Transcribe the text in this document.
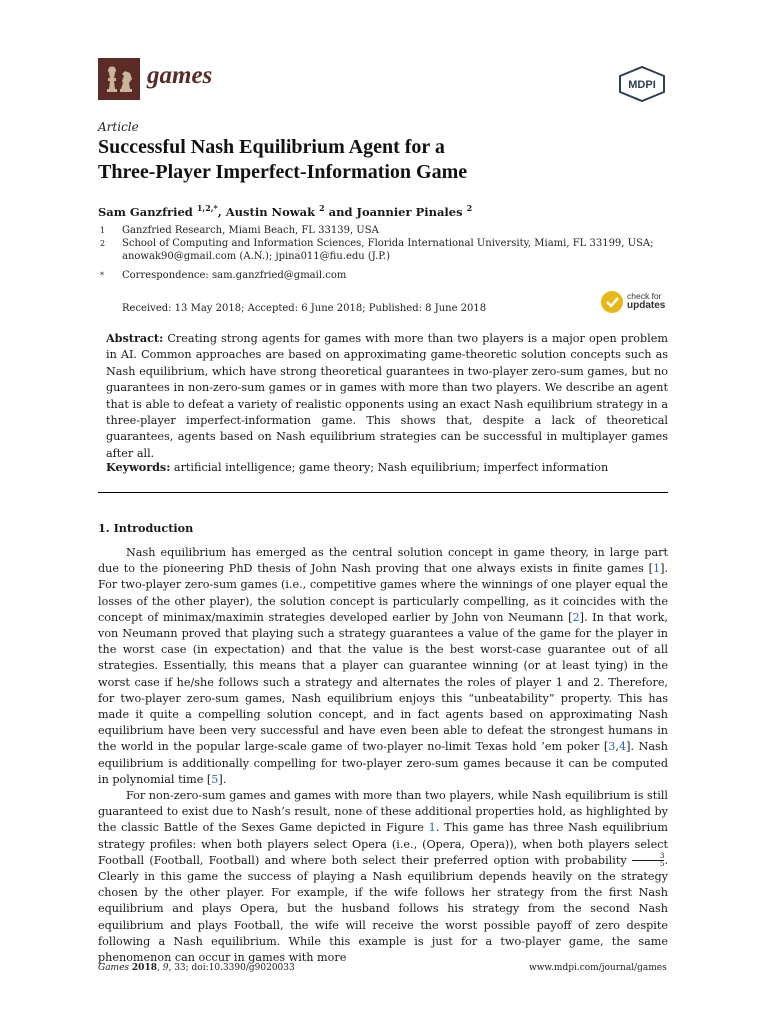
games	MDPI
Article
Successful Nash Equilibrium Agent for a
Three-Player Imperfect-Information Game
Sam Ganzfried $^{1,2,*}$, Austin Nowak $^2$ and Joannier Pinales $^2$
1 Ganzfried Research, Miami Beach, FL 33139, USA
2 School of Computing and Information Sciences, Florida International University, Miami, FL 33199, USA; anowak90@gmail.com (A.N.); jpina011@fiu.edu (J.P.)
* Correspondence: sam.ganzfried@gmail.com
Received: 13 May 2018; Accepted: 6 June 2018; Published: 8 June 2018
check for
updates
Abstract: Creating strong agents for games with more than two players is a major open problem in AI. Common approaches are based on approximating game-theoretic solution concepts such as Nash equilibrium, which have strong theoretical guarantees in two-player zero-sum games, but no guarantees in non-zero-sum games or in games with more than two players. We describe an agent that is able to defeat a variety of realistic opponents using an exact Nash equilibrium strategy in a three-player imperfect-information game. This shows that, despite a lack of theoretical guarantees, agents based on Nash equilibrium strategies can be successful in multiplayer games after all.
Keywords: artificial intelligence; game theory; Nash equilibrium; imperfect information
1. Introduction

Nash equilibrium has emerged as the central solution concept in game theory, in large part due to the pioneering PhD thesis of John Nash proving that one always exists in finite games [1]. For two-player zero-sum games (i.e., competitive games where the winnings of one player equal the losses of the other player), the solution concept is particularly compelling, as it coincides with the concept of minimax/maximin strategies developed earlier by John von Neumann [2]. In that work, von Neumann proved that playing such a strategy guarantees a value of the game for the player in the worst case (in expectation) and that the value is the best worst-case guarantee out of all strategies. Essentially, this means that a player can guarantee winning (or at least tying) in the worst case if he/she follows such a strategy and alternates the roles of player 1 and 2. Therefore, for two-player zero-sum games, Nash equilibrium enjoys this “unbeatability” property. This has made it quite a compelling solution concept, and in fact agents based on approximating Nash equilibrium have been very successful and have even been able to defeat the strongest humans in the world in the popular large-scale game of two-player no-limit Texas hold ’em poker [3,4]. Nash equilibrium is additionally compelling for two-player zero-sum games because it can be computed in polynomial time [5].

For non-zero-sum games and games with more than two players, while Nash equilibrium is still guaranteed to exist due to Nash’s result, none of these additional properties hold, as highlighted by the classic Battle of the Sexes Game depicted in Figure 1. This game has three Nash equilibrium strategy profiles: when both players select Opera (i.e., (Opera, Opera)), when both players select Football (Football, Football) and where both select their preferred option with probability $\frac{3}{5}$ . Clearly in this game the success of playing a Nash equilibrium depends heavily on the strategy chosen by the other player. For example, if the wife follows her strategy from the first Nash equilibrium and plays Opera, but the husband follows his strategy from the second Nash equilibrium and plays Football, the wife will receive the worst possible payoff of zero despite following a Nash equilibrium. While this example is just for a two-player game, the same phenomenon can occur in games with more

Games 2018, 9, 33; doi:10.3390/g9020033	www.mdpi.com/journal/games
